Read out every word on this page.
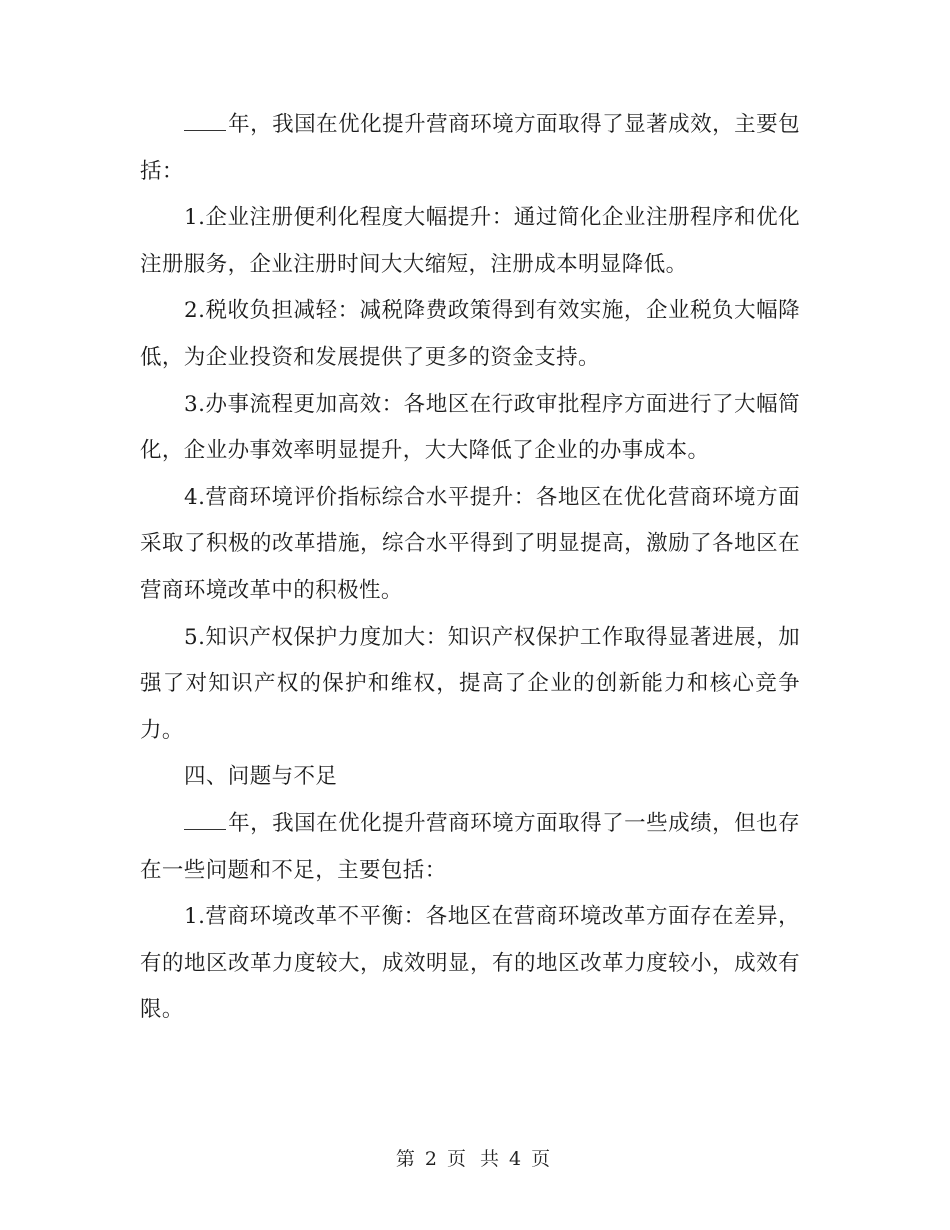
年，我国在优化提升营商环境方面取得了显著成效，主要包括：

1.企业注册便利化程度大幅提升：通过简化企业注册程序和优化注册服务，企业注册时间大大缩短，注册成本明显降低。

2.税收负担减轻：减税降费政策得到有效实施，企业税负大幅降低，为企业投资和发展提供了更多的资金支持。

3.办事流程更加高效：各地区在行政审批程序方面进行了大幅简化，企业办事效率明显提升，大大降低了企业的办事成本。

4.营商环境评价指标综合水平提升：各地区在优化营商环境方面采取了积极的改革措施，综合水平得到了明显提高，激励了各地区在营商环境改革中的积极性。

5.知识产权保护力度加大：知识产权保护工作取得显著进展，加强了对知识产权的保护和维权，提高了企业的创新能力和核心竞争力。

四、问题与不足

年，我国在优化提升营商环境方面取得了一些成绩，但也存在一些问题和不足，主要包括：

1.营商环境改革不平衡：各地区在营商环境改革方面存在差异，有的地区改革力度较大，成效明显，有的地区改革力度较小，成效有限。

第 2 页 共 4 页
